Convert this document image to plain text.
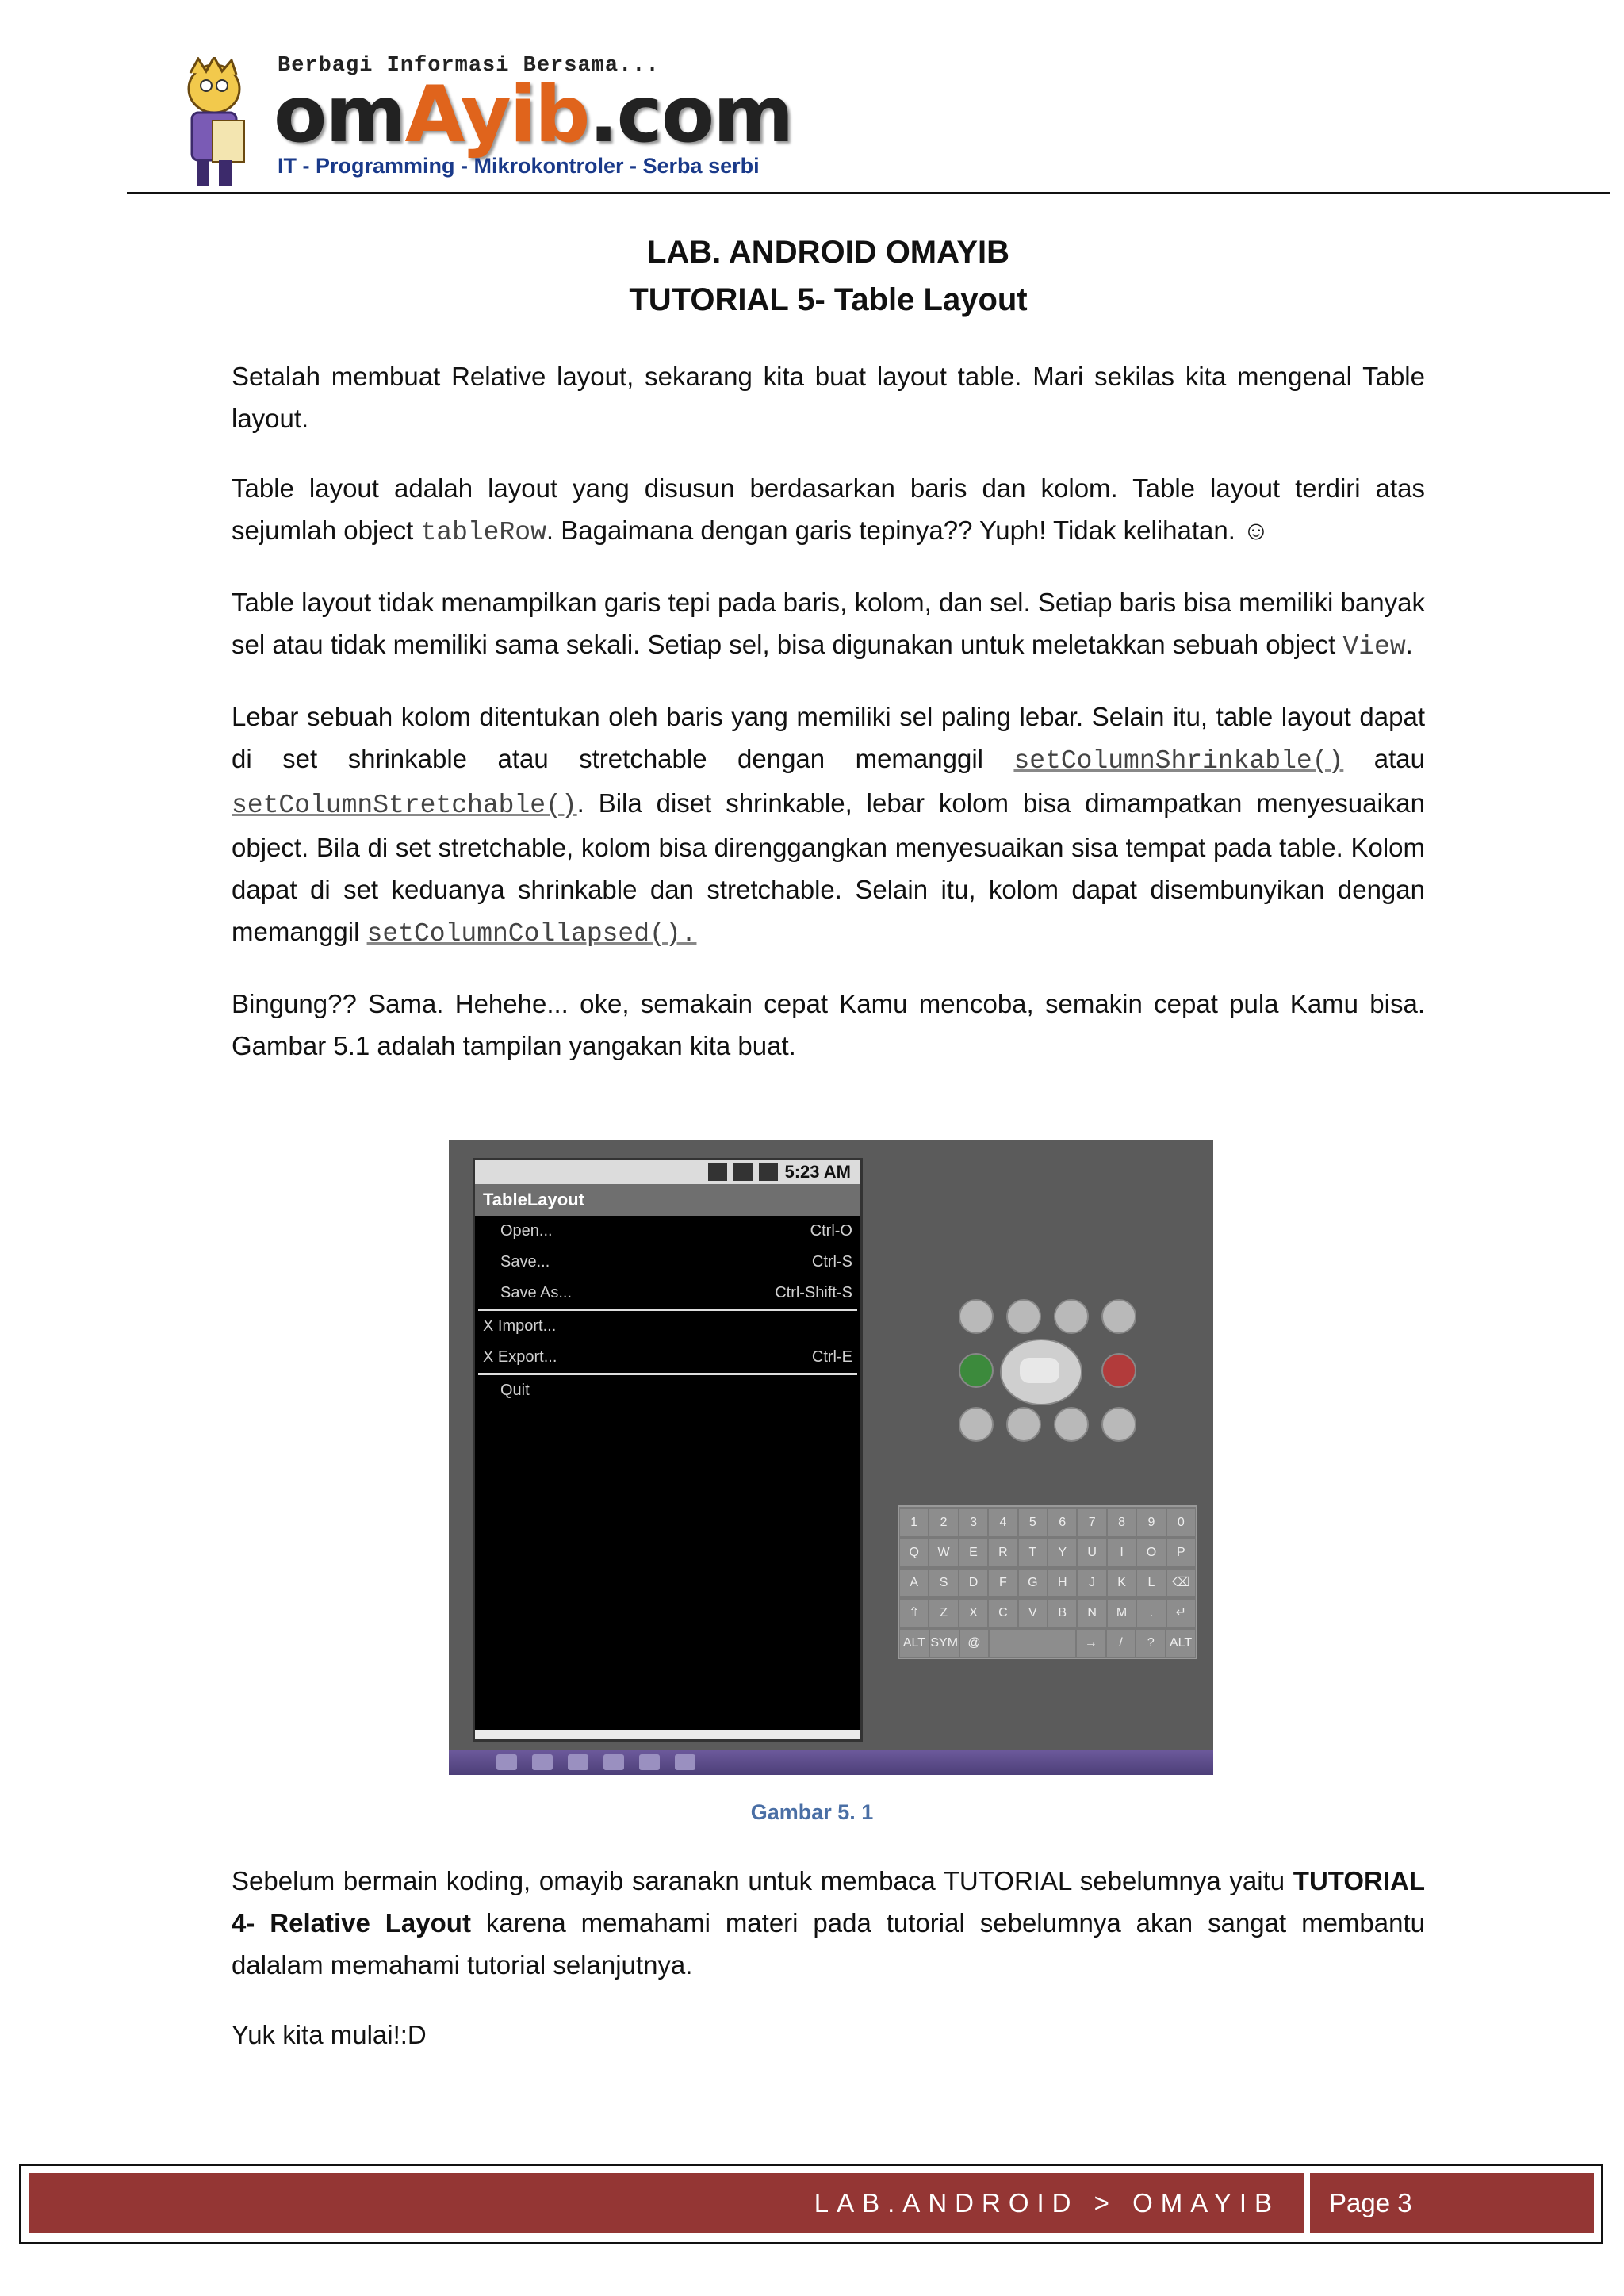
Berbagi Informasi Bersama...
omAyib.com
IT - Programming - Mikrokontroler - Serba serbi

LAB. ANDROID OMAYIB

TUTORIAL 5- Table Layout

Setalah membuat Relative layout, sekarang kita buat layout table. Mari sekilas kita mengenal Table layout.

Table layout adalah layout yang disusun berdasarkan baris dan kolom. Table layout terdiri atas sejumlah object tableRow. Bagaimana dengan garis tepinya?? Yuph! Tidak kelihatan. ☺

Table layout tidak menampilkan garis tepi pada baris, kolom, dan sel. Setiap baris bisa memiliki banyak sel atau tidak memiliki sama sekali. Setiap sel, bisa digunakan untuk meletakkan sebuah object View.

Lebar sebuah kolom ditentukan oleh baris yang memiliki sel paling lebar. Selain itu, table layout dapat di set shrinkable atau stretchable dengan memanggil setColumnShrinkable() atau setColumnStretchable(). Bila diset shrinkable, lebar kolom bisa dimampatkan menyesuaikan object. Bila di set stretchable, kolom bisa direnggangkan menyesuaikan sisa tempat pada table. Kolom dapat di set keduanya shrinkable dan stretchable. Selain itu, kolom dapat disembunyikan dengan memanggil setColumnCollapsed().

Bingung?? Sama. Hehehe... oke, semakain cepat Kamu mencoba, semakin cepat pula Kamu bisa. Gambar 5.1 adalah tampilan yangakan kita buat.

5:23 AM
TableLayout
Open...	Ctrl-O
Save...	Ctrl-S
Save As...	Ctrl-Shift-S
X Import...
X Export...	Ctrl-E
Quit
1	2	3	4	5	6	7	8	9	0
Q	W	E	R	T	Y	U	I	O	P
A	S	D	F	G	H	J	K	L	⌫
⇧	Z	X	C	V	B	N	M	.	↵
ALT SYM @	→	/	?	ALT
Gambar 5. 1

Sebelum bermain koding, omayib saranakn untuk membaca TUTORIAL sebelumnya yaitu TUTORIAL 4- Relative Layout karena memahami materi pada tutorial sebelumnya akan sangat membantu dalalam memahami tutorial selanjutnya.

Yuk kita mulai!:D

LAB.ANDROID > OMAYIB Page 3
